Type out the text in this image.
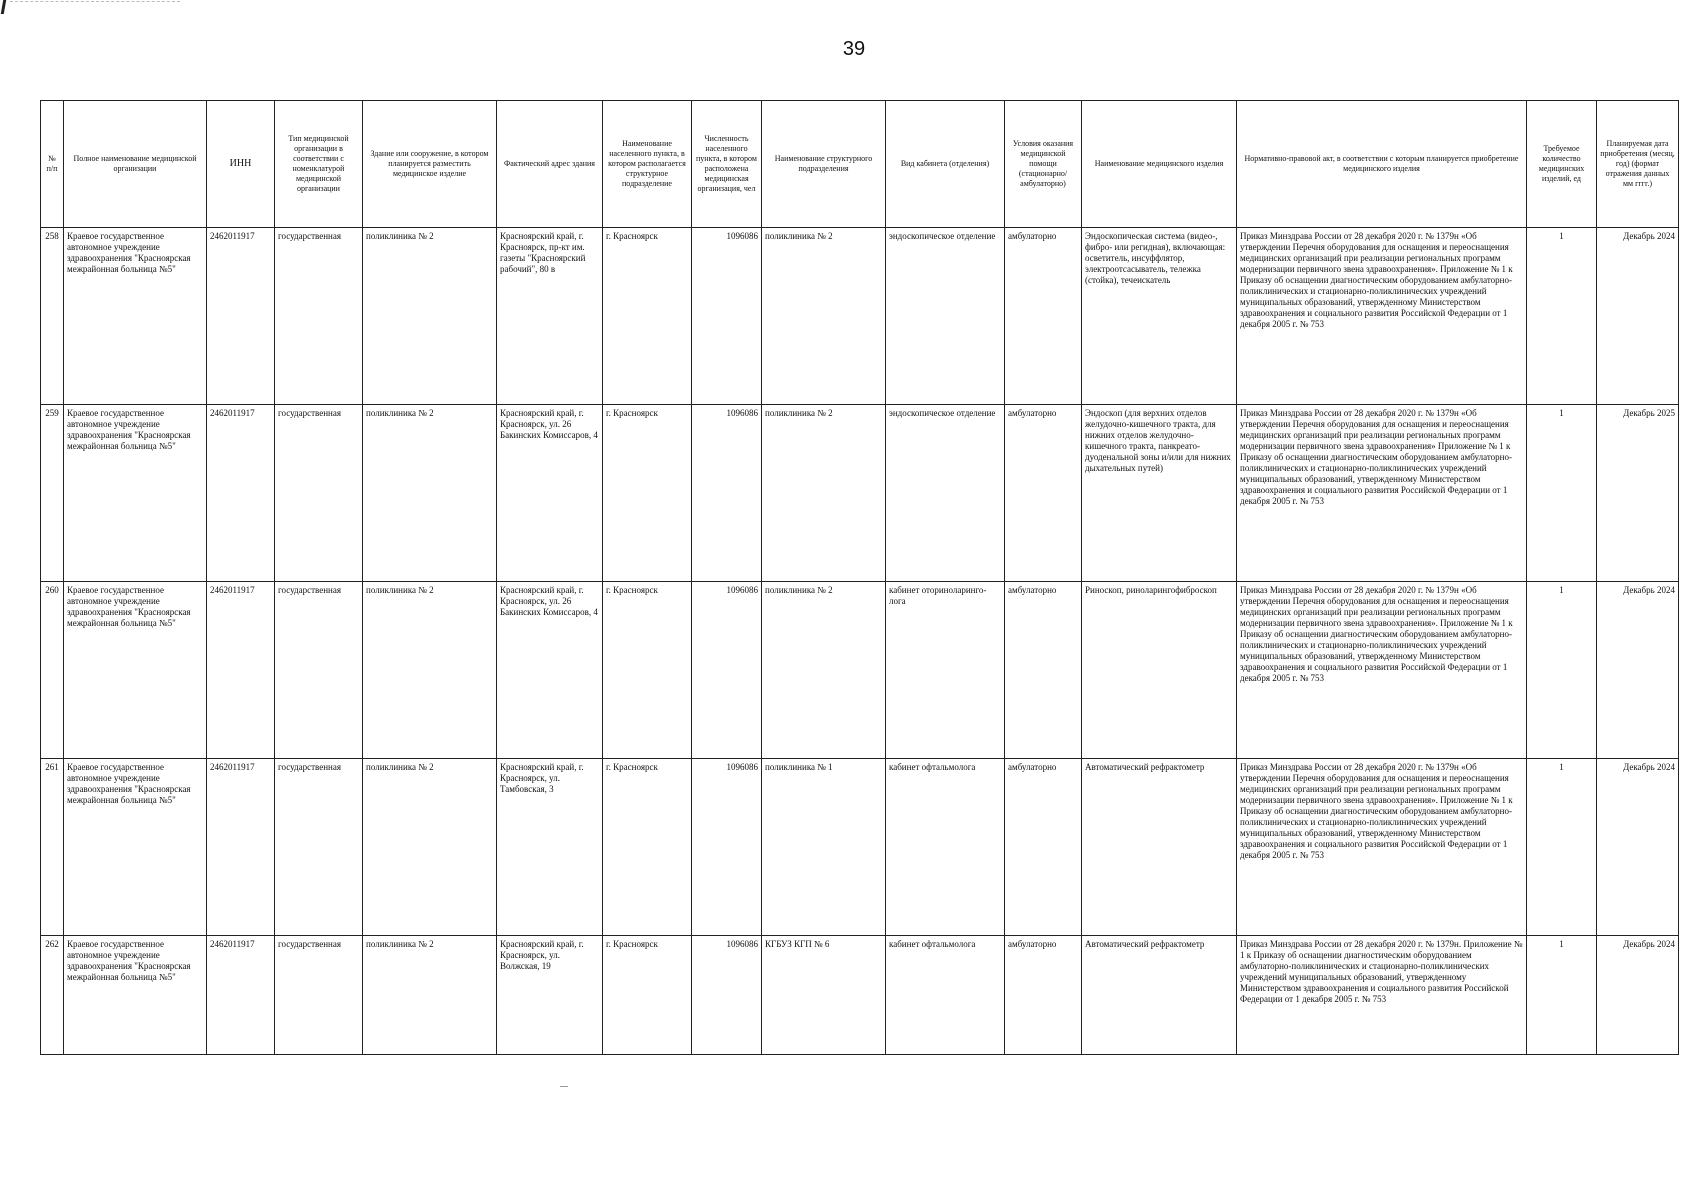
39
№ п/п	Полное наименование медицинской организации	ИНН	Тип медицинской организации в соответствии с номенклатурой медицинской организации	Здание или сооружение, в котором планируется разместить медицинское изделие	Фактический адрес здания	Наименование населенного пункта, в котором располагается структурное подразделение	Численность населенного пункта, в котором расположена медицинская организация, чел	Наименование структурного подразделения	Вид кабинета (отделения)	Условия оказания медицинской помощи (стационарно/ амбулаторно)	Наименование медицинского изделия	Нормативно-правовой акт, в соответствии с которым планируется приобретение медицинского изделия	Требуемое количество медицинских изделий, ед	Планируемая дата приобретения (месяц, год) (формат отражения данных мм гггг.)
258	Краевое государственное автономное учреждение здравоохранения "Красноярская межрайонная больница №5"	2462011917	государственная	поликлиника № 2	Красноярский край, г. Красноярск, пр-кт им. газеты "Красноярский рабочий", 80 в	г. Красноярск	1096086	поликлиника № 2	эндоскопическое отделение	амбулаторно	Эндоскопическая система (видео-, фибро- или регидная), включающая: осветитель, инсуффлятор, электроотсасыватель, тележка (стойка), течеискатель	Приказ Минздрава России от 28 декабря 2020 г. № 1379н «Об утверждении Перечня оборудования для оснащения и переоснащения медицинских организаций при реализации региональных программ модернизации первичного звена здравоохранения». Приложение № 1 к Приказу об оснащении диагностическим оборудованием амбулаторно-поликлинических и стационарно-поликлинических учреждений муниципальных образований, утвержденному Министерством здравоохранения и социального развития Российской Федерации от 1 декабря 2005 г. № 753	1	Декабрь 2024
259	Краевое государственное автономное учреждение здравоохранения "Красноярская межрайонная больница №5"	2462011917	государственная	поликлиника № 2	Красноярский край, г. Красноярск, ул. 26 Бакинских Комиссаров, 4	г. Красноярск	1096086	поликлиника № 2	эндоскопическое отделение	амбулаторно	Эндоскоп (для верхних отделов желудочно-кишечного тракта, для нижних отделов желудочно-кишечного тракта, панкреато-дуоденальной зоны и/или для нижних дыхательных путей)	Приказ Минздрава России от 28 декабря 2020 г. № 1379н «Об утверждении Перечня оборудования для оснащения и переоснащения медицинских организаций при реализации региональных программ модернизации первичного звена здравоохранения» Приложение № 1 к Приказу об оснащении диагностическим оборудованием амбулаторно-поликлинических и стационарно-поликлинических учреждений муниципальных образований, утвержденному Министерством здравоохранения и социального развития Российской Федерации от 1 декабря 2005 г. № 753	1	Декабрь 2025
260	Краевое государственное автономное учреждение здравоохранения "Красноярская межрайонная больница №5"	2462011917	государственная	поликлиника № 2	Красноярский край, г. Красноярск, ул. 26 Бакинских Комиссаров, 4	г. Красноярск	1096086	поликлиника № 2	кабинет оториноларинго-лога	амбулаторно	Риноскоп, риноларингофиброскоп	Приказ Минздрава России от 28 декабря 2020 г. № 1379н «Об утверждении Перечня оборудования для оснащения и переоснащения медицинских организаций при реализации региональных программ модернизации первичного звена здравоохранения». Приложение № 1 к Приказу об оснащении диагностическим оборудованием амбулаторно-поликлинических и стационарно-поликлинических учреждений муниципальных образований, утвержденному Министерством здравоохранения и социального развития Российской Федерации от 1 декабря 2005 г. № 753	1	Декабрь 2024
261	Краевое государственное автономное учреждение здравоохранения "Красноярская межрайонная больница №5"	2462011917	государственная	поликлиника № 2	Красноярский край, г. Красноярск, ул. Тамбовская, 3	г. Красноярск	1096086	поликлиника № 1	кабинет офтальмолога	амбулаторно	Автоматический рефрактометр	Приказ Минздрава России от 28 декабря 2020 г. № 1379н «Об утверждении Перечня оборудования для оснащения и переоснащения медицинских организаций при реализации региональных программ модернизации первичного звена здравоохранения». Приложение № 1 к Приказу об оснащении диагностическим оборудованием амбулаторно-поликлинических и стационарно-поликлинических учреждений муниципальных образований, утвержденному Министерством здравоохранения и социального развития Российской Федерации от 1 декабря 2005 г. № 753	1	Декабрь 2024
262	Краевое государственное автономное учреждение здравоохранения "Красноярская межрайонная больница №5"	2462011917	государственная	поликлиника № 2	Красноярский край, г. Красноярск, ул. Волжская, 19	г. Красноярск	1096086	КГБУЗ КГП № 6	кабинет офтальмолога	амбулаторно	Автоматический рефрактометр	Приказ Минздрава России от 28 декабря 2020 г. № 1379н. Приложение № 1 к Приказу об оснащении диагностическим оборудованием амбулаторно-поликлинических и стационарно-поликлинических учреждений муниципальных образований, утвержденному Министерством здравоохранения и социального развития Российской Федерации от 1 декабря 2005 г. № 753	1	Декабрь 2024
